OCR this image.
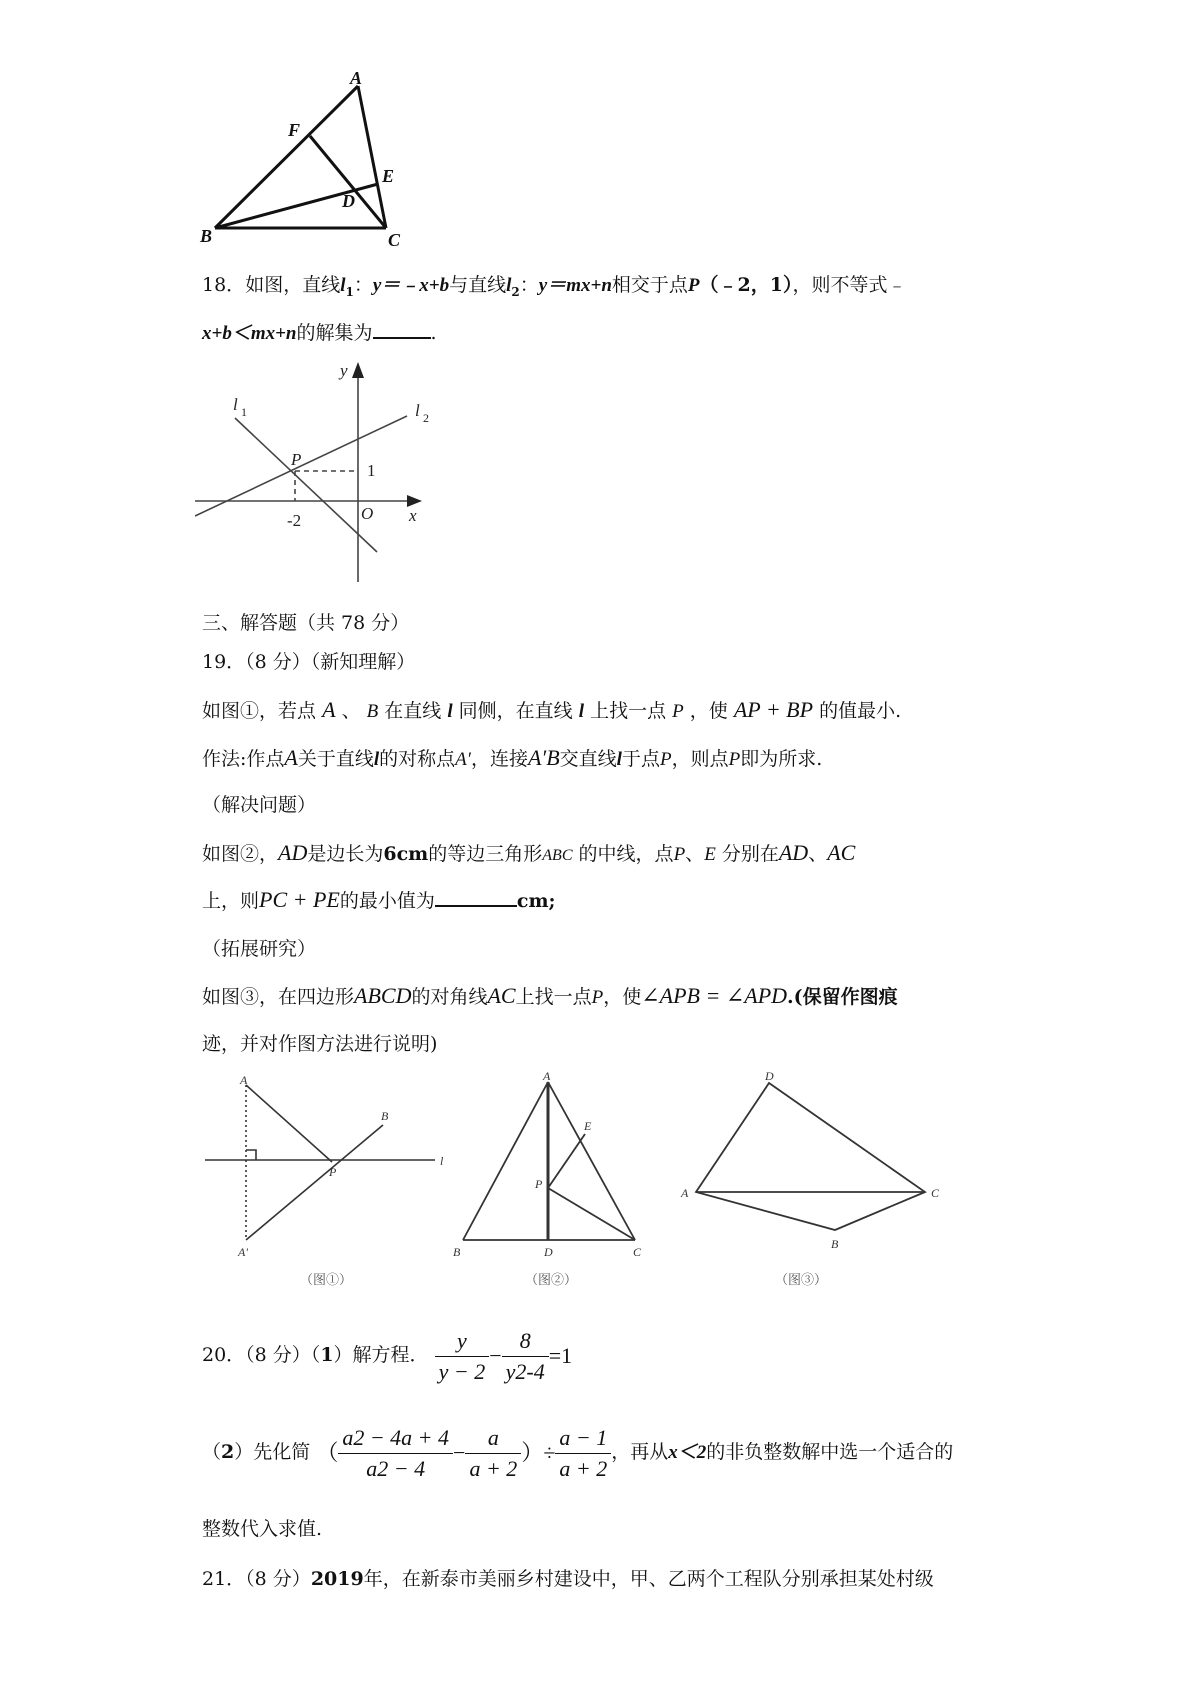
A
B	C
D
E
F
18．如图，直线$l_1$：y＝﹣x+b与直线$l_2$：y＝mx+n相交于点P（﹣2，1），则不等式﹣
x+b＜mx+n的解集为	.
y
x
O
l 1	l 2
P
1
-2
三、解答题（共 78 分）
19．（8 分）（新知理解）
如图①，若点 A 、 B 在直线 l 同侧，在直线 l 上找一点 P ，使 AP + BP 的值最小.
作法:作点A关于直线l的对称点A′，连接A′B交直线l于点P，则点P即为所求.
（解决问题）
如图②，AD是边长为6cm的等边三角形ABC 的中线，点P、E 分别在AD、AC
上，则PC + PE的最小值为	cm;
（拓展研究）
如图③，在四边形ABCD的对角线AC上找一点P，使∠APB = ∠APD.(保留作图痕
迹，并对作图方法进行说明)
A
B
P
l
A'
（图①）
A
B	C
D
E
P
（图②）
D
A	C
B
（图③）
20．（8 分）（1）解方程． $\frac{y}{y - 2} - \frac{8}{y2-4} =1$
（2）先化简 （ $\frac{a2 - 4a + 4}{a2 - 4} - \frac{a}{a + 2}$ ）÷ $\frac{a - 1}{a + 2}$ ，再从x＜2的非负整数解中选一个适合的
整数代入求值.
21．（8 分）2019年，在新泰市美丽乡村建设中，甲、乙两个工程队分别承担某处村级
